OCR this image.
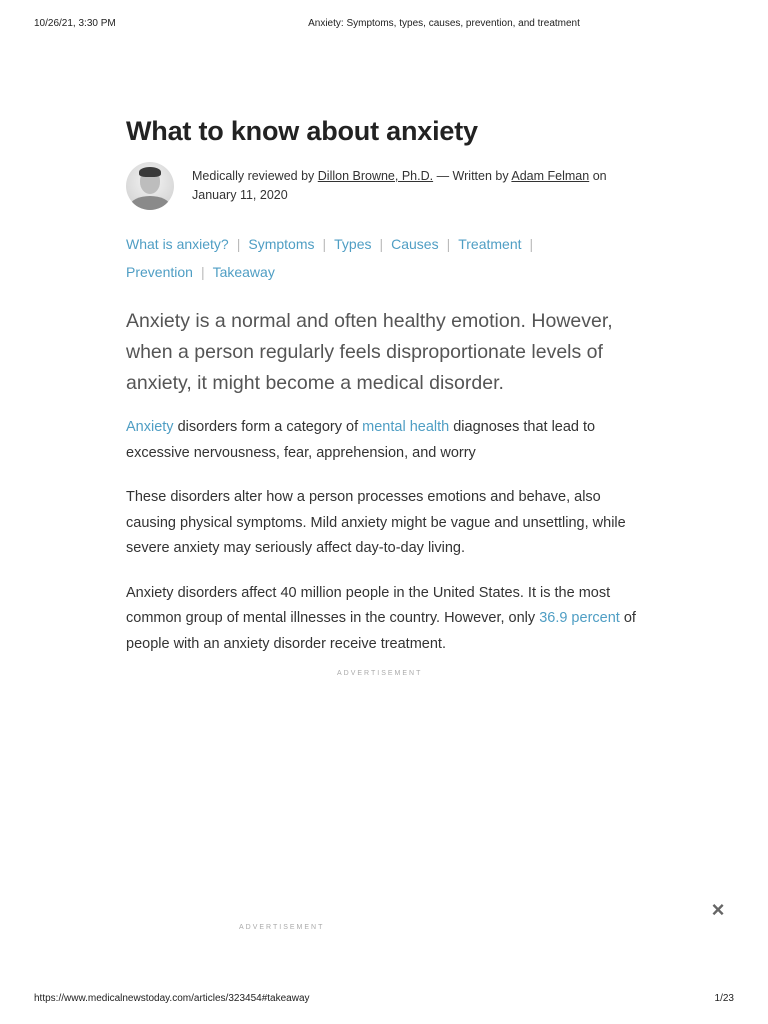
10/26/21, 3:30 PM	Anxiety: Symptoms, types, causes, prevention, and treatment
What to know about anxiety
Medically reviewed by Dillon Browne, Ph.D. — Written by Adam Felman on
January 11, 2020
What is anxiety? | Symptoms | Types | Causes | Treatment |
Prevention | Takeaway
Anxiety is a normal and often healthy emotion. However, when a person regularly feels disproportionate levels of anxiety, it might become a medical disorder.

Anxiety disorders form a category of mental health diagnoses that lead to excessive nervousness, fear, apprehension, and worry

These disorders alter how a person processes emotions and behave, also causing physical symptoms. Mild anxiety might be vague and unsettling, while severe anxiety may seriously affect day-to-day living.

Anxiety disorders affect 40 million people in the United States. It is the most common group of mental illnesses in the country. However, only 36.9 percent of people with an anxiety disorder receive treatment.

ADVERTISEMENT
ADVERTISEMENT
×
https://www.medicalnewstoday.com/articles/323454#takeaway	1/23
